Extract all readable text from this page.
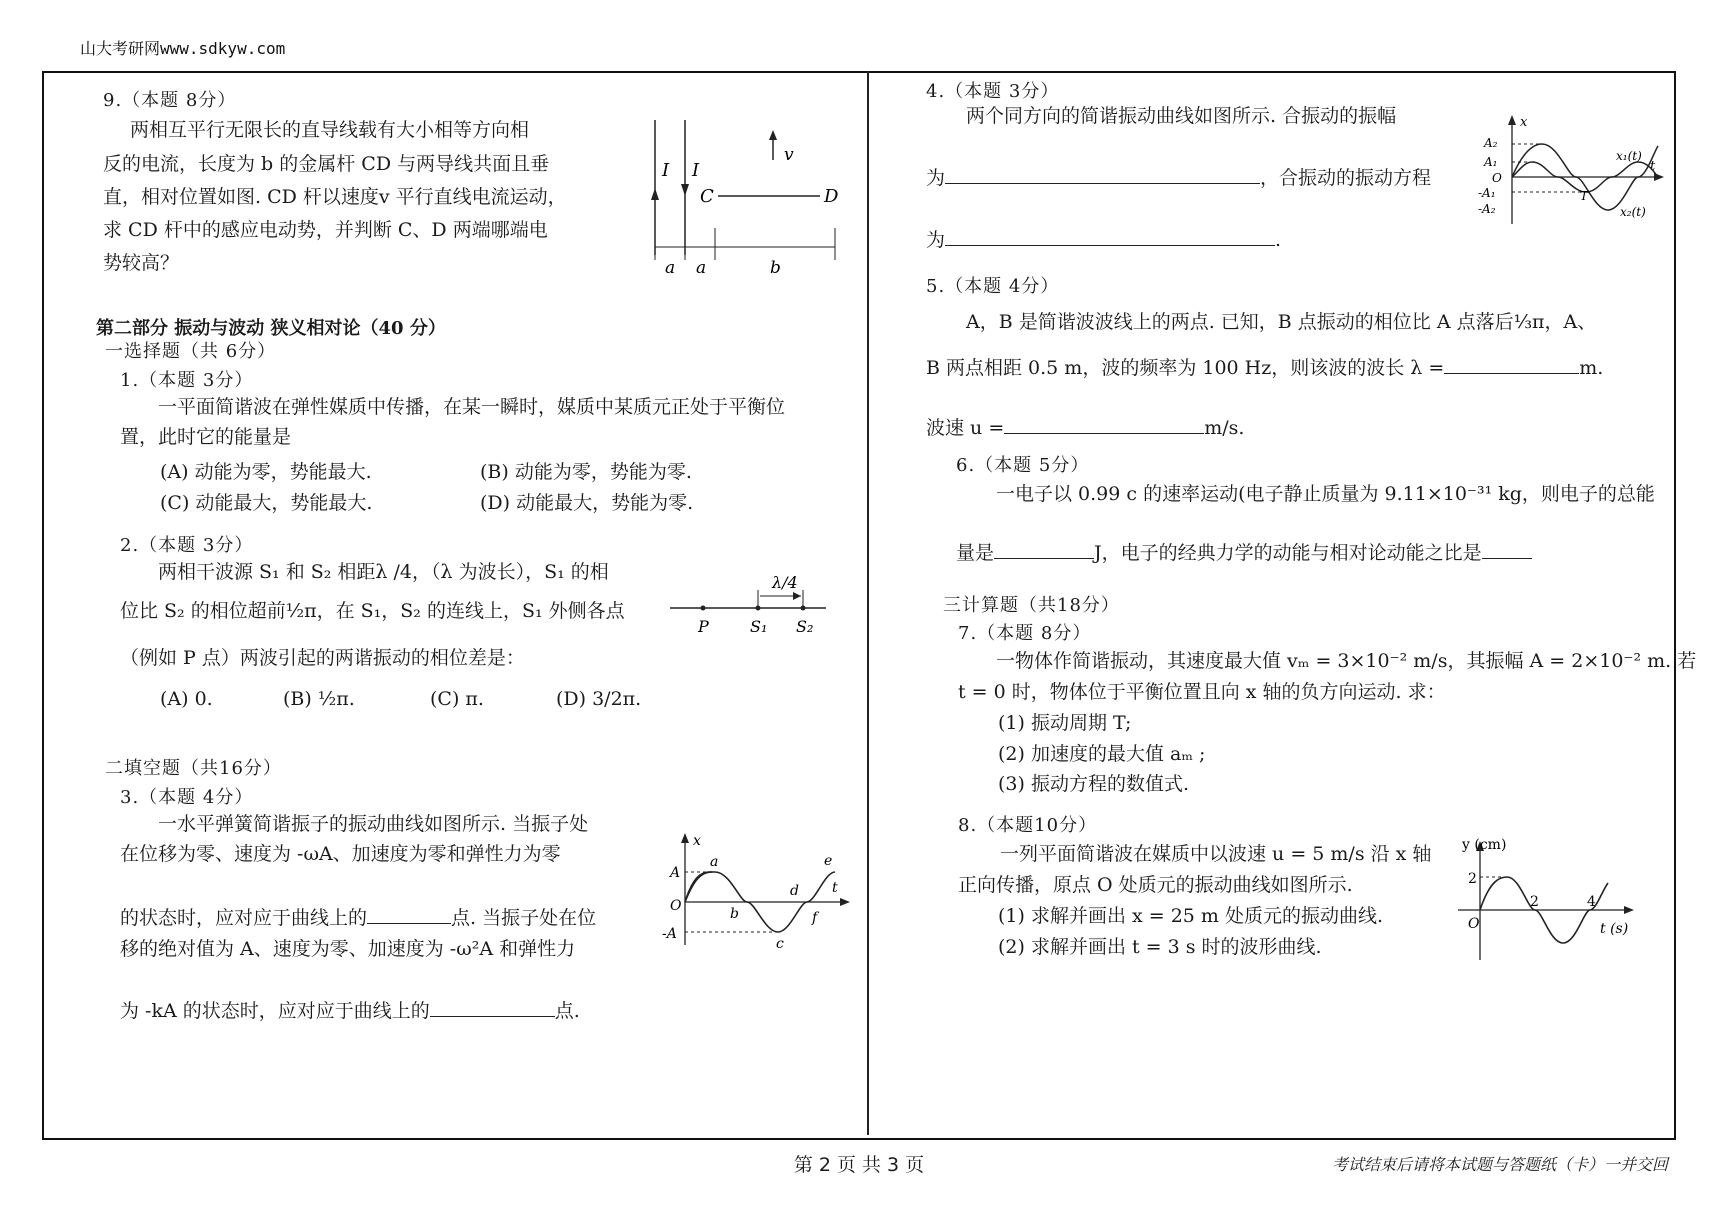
山大考研网www.sdkyw.com
9.（本题 8分）
两相互平行无限长的直导线载有大小相等方向相
反的电流，长度为 b 的金属杆 CD 与两导线共面且垂
直，相对位置如图. CD 杆以速度v 平行直线电流运动，
求 CD 杆中的感应电动势，并判断 C、D 两端哪端电
势较高？
I I
v
C	D
a a	b
第二部分 振动与波动 狭义相对论（40 分）
一选择题（共 6分）
1.（本题 3分）
一平面简谐波在弹性媒质中传播，在某一瞬时，媒质中某质元正处于平衡位
置，此时它的能量是
(A) 动能为零，势能最大.	(B) 动能为零，势能为零.
(C) 动能最大，势能最大.	(D) 动能最大，势能为零.
2.（本题 3分）
两相干波源 S₁ 和 S₂ 相距λ /4，（λ 为波长），S₁ 的相
位比 S₂ 的相位超前½π，在 S₁，S₂ 的连线上，S₁ 外侧各点
（例如 P 点）两波引起的两谐振动的相位差是：
λ/4
P	S₁ S₂
(A) 0.	(B) ½π.	(C) π.	(D) 3/2π.
二填空题（共16分）
3.（本题 4分）
一水平弹簧简谐振子的振动曲线如图所示. 当振子处
在位移为零、速度为 -ωA、加速度为零和弹性力为零
的状态时，应对应于曲线上的	点. 当振子处在位
移的绝对值为 A、速度为零、加速度为 -ω²A 和弹性力
为 -kA 的状态时，应对应于曲线上的	点.
x
t
A
O
-A
a
b
c
d
e
f
4.（本题 3分）
两个同方向的简谐振动曲线如图所示. 合振动的振幅
为	，合振动的振动方程
为	.
x
t
A₂
A₁
O
-A₁
-A₂
x₁(t)
x₂(t)
T
5.（本题 4分）
A，B 是简谐波波线上的两点. 已知，B 点振动的相位比 A 点落后⅓π，A、
B 两点相距 0.5 m，波的频率为 100 Hz，则该波的波长 λ =	m.
波速 u =	m/s.
6.（本题 5分）
一电子以 0.99 c 的速率运动(电子静止质量为 9.11×10⁻³¹ kg，则电子的总能
量是	J，电子的经典力学的动能与相对论动能之比是
三计算题（共18分）
7.（本题 8分）
一物体作简谐振动，其速度最大值 vₘ = 3×10⁻² m/s，其振幅 A = 2×10⁻² m. 若
t = 0 时，物体位于平衡位置且向 x 轴的负方向运动. 求：
(1) 振动周期 T;
(2) 加速度的最大值 aₘ ;
(3) 振动方程的数值式.
8.（本题10分）
一列平面简谐波在媒质中以波速 u = 5 m/s 沿 x 轴
正向传播，原点 O 处质元的振动曲线如图所示.
(1) 求解并画出 x = 25 m 处质元的振动曲线.
(2) 求解并画出 t = 3 s 时的波形曲线.
y (cm)
t (s)
2
O
2	4
第 2 页 共 3 页	考试结束后请将本试题与答题纸（卡）一并交回
